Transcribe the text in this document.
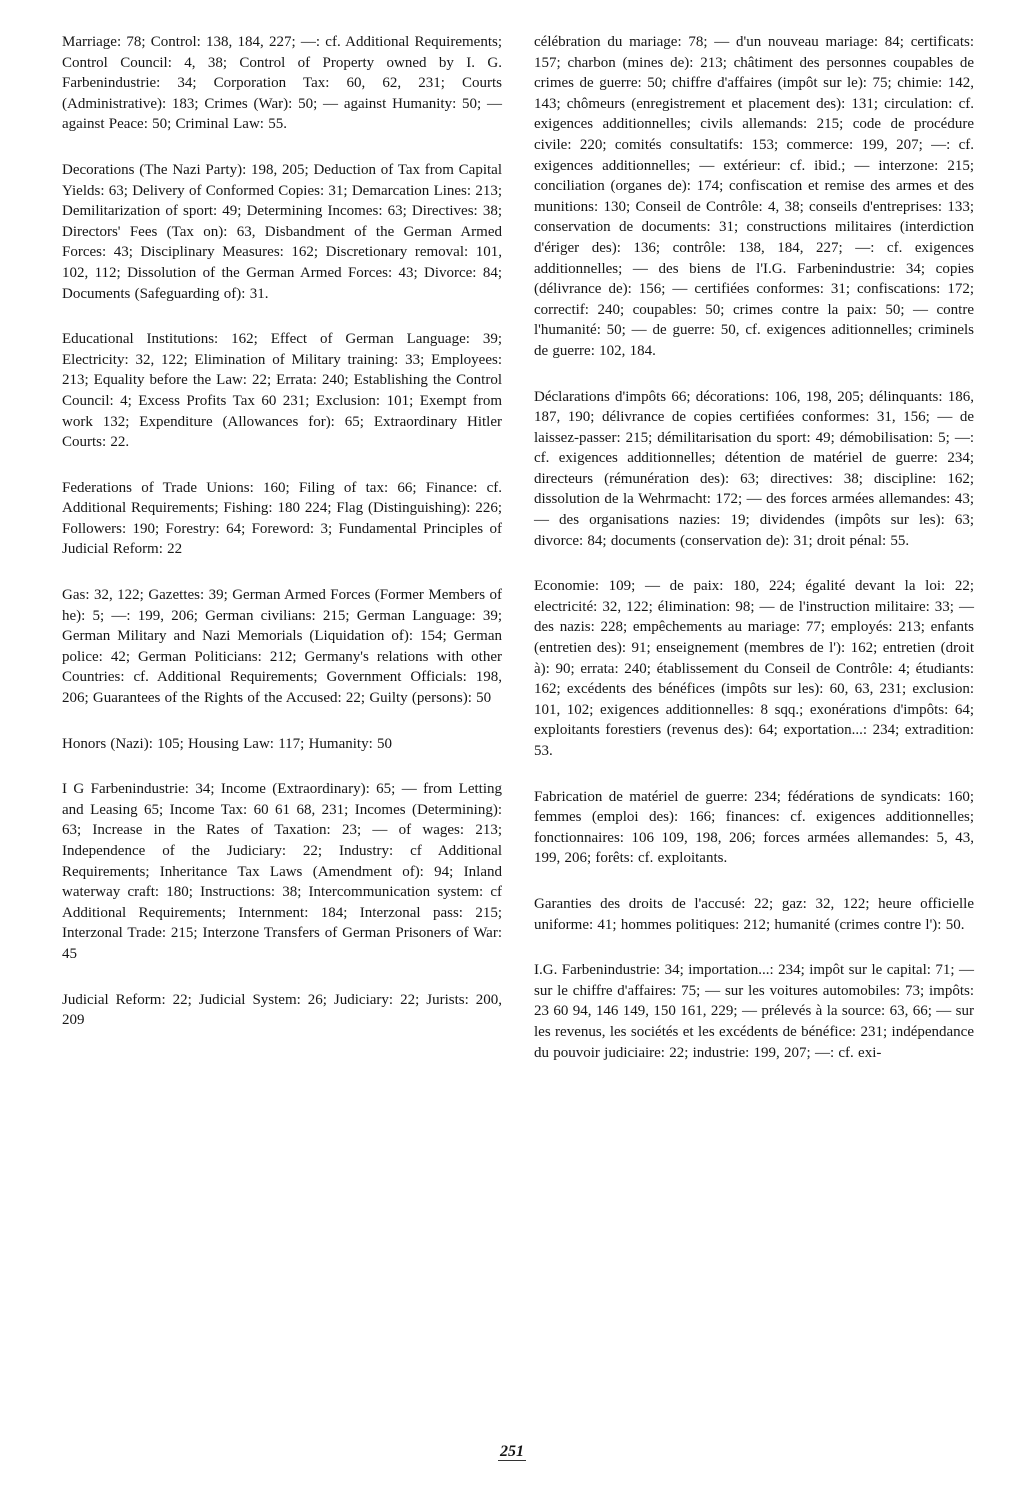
Marriage: 78; Control: 138, 184, 227; —: cf. Additional Requirements; Control Council: 4, 38; Control of Property owned by I. G. Farbenindustrie: 34; Corporation Tax: 60, 62, 231; Courts (Administrative): 183; Crimes (War): 50; — against Humanity: 50; — against Peace: 50; Criminal Law: 55.

Decorations (The Nazi Party): 198, 205; Deduction of Tax from Capital Yields: 63; Delivery of Conformed Copies: 31; Demarcation Lines: 213; Demilitarization of sport: 49; Determining Incomes: 63; Directives: 38; Directors' Fees (Tax on): 63, Disbandment of the German Armed Forces: 43; Disciplinary Measures: 162; Discretionary removal: 101, 102, 112; Dissolution of the German Armed Forces: 43; Divorce: 84; Documents (Safeguarding of): 31.

Educational Institutions: 162; Effect of German Language: 39; Electricity: 32, 122; Elimination of Military training: 33; Employees: 213; Equality before the Law: 22; Errata: 240; Establishing the Control Council: 4; Excess Profits Tax 60 231; Exclusion: 101; Exempt from work 132; Expenditure (Allowances for): 65; Extraordinary Hitler Courts: 22.

Federations of Trade Unions: 160; Filing of tax: 66; Finance: cf. Additional Requirements; Fishing: 180 224; Flag (Distinguishing): 226; Followers: 190; Forestry: 64; Foreword: 3; Fundamental Principles of Judicial Reform: 22

Gas: 32, 122; Gazettes: 39; German Armed Forces (Former Members of he): 5; —: 199, 206; German civilians: 215; German Language: 39; German Military and Nazi Memorials (Liquidation of): 154; German police: 42; German Politicians: 212; Germany's relations with other Countries: cf. Additional Requirements; Government Officials: 198, 206; Guarantees of the Rights of the Accused: 22; Guilty (persons): 50

Honors (Nazi): 105; Housing Law: 117; Humanity: 50

I G Farbenindustrie: 34; Income (Extraordinary): 65; — from Letting and Leasing 65; Income Tax: 60 61 68, 231; Incomes (Determining): 63; Increase in the Rates of Taxation: 23; — of wages: 213; Independence of the Judiciary: 22; Industry: cf Additional Requirements; Inheritance Tax Laws (Amendment of): 94; Inland waterway craft: 180; Instructions: 38; Intercommunication system: cf Additional Requirements; Internment: 184; Interzonal pass: 215; Interzonal Trade: 215; Interzone Transfers of German Prisoners of War: 45

Judicial Reform: 22; Judicial System: 26; Judiciary: 22; Jurists: 200, 209

célébration du mariage: 78; — d'un nouveau mariage: 84; certificats: 157; charbon (mines de): 213; châtiment des personnes coupables de crimes de guerre: 50; chiffre d'affaires (impôt sur le): 75; chimie: 142, 143; chômeurs (enregistrement et placement des): 131; circulation: cf. exigences additionnelles; civils allemands: 215; code de procédure civile: 220; comités consultatifs: 153; commerce: 199, 207; —: cf. exigences additionnelles; — extérieur: cf. ibid.; — interzone: 215; conciliation (organes de): 174; confiscation et remise des armes et des munitions: 130; Conseil de Contrôle: 4, 38; conseils d'entreprises: 133; conservation de documents: 31; constructions militaires (interdiction d'ériger des): 136; contrôle: 138, 184, 227; —: cf. exigences additionnelles; — des biens de l'I.G. Farbenindustrie: 34; copies (délivrance de): 156; — certifiées conformes: 31; confiscations: 172; correctif: 240; coupables: 50; crimes contre la paix: 50; — contre l'humanité: 50; — de guerre: 50, cf. exigences aditionnelles; criminels de guerre: 102, 184.

Déclarations d'impôts 66; décorations: 106, 198, 205; délinquants: 186, 187, 190; délivrance de copies certifiées conformes: 31, 156; — de laissez-passer: 215; démilitarisation du sport: 49; démobilisation: 5; —: cf. exigences additionnelles; détention de matériel de guerre: 234; directeurs (rémunération des): 63; directives: 38; discipline: 162; dissolution de la Wehrmacht: 172; — des forces armées allemandes: 43; — des organisations nazies: 19; dividendes (impôts sur les): 63; divorce: 84; documents (conservation de): 31; droit pénal: 55.

Economie: 109; — de paix: 180, 224; égalité devant la loi: 22; electricité: 32, 122; élimination: 98; — de l'instruction militaire: 33; — des nazis: 228; empêchements au mariage: 77; employés: 213; enfants (entretien des): 91; enseignement (membres de l'): 162; entretien (droit à): 90; errata: 240; établissement du Conseil de Contrôle: 4; étudiants: 162; excédents des bénéfices (impôts sur les): 60, 63, 231; exclusion: 101, 102; exigences additionnelles: 8 sqq.; exonérations d'impôts: 64; exploitants forestiers (revenus des): 64; exportation...: 234; extradition: 53.

Fabrication de matériel de guerre: 234; fédérations de syndicats: 160; femmes (emploi des): 166; finances: cf. exigences additionnelles; fonctionnaires: 106 109, 198, 206; forces armées allemandes: 5, 43, 199, 206; forêts: cf. exploitants.

Garanties des droits de l'accusé: 22; gaz: 32, 122; heure officielle uniforme: 41; hommes politiques: 212; humanité (crimes contre l'): 50.

I.G. Farbenindustrie: 34; importation...: 234; impôt sur le capital: 71; — sur le chiffre d'affaires: 75; — sur les voitures automobiles: 73; impôts: 23 60 94, 146 149, 150 161, 229; — prélevés à la source: 63, 66; — sur les revenus, les sociétés et les excédents de bénéfice: 231; indépendance du pouvoir judiciaire: 22; industrie: 199, 207; —: cf. exi-

251
